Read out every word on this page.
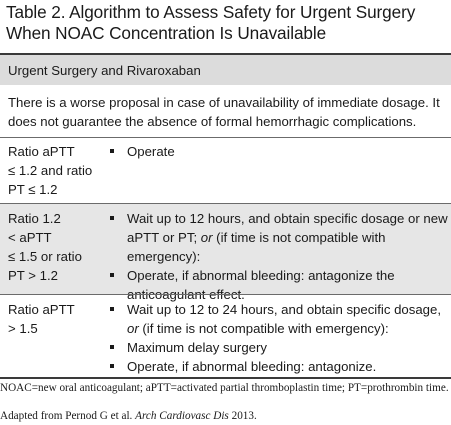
Table 2. Algorithm to Assess Safety for Urgent Surgery When NOAC Concentration Is Unavailable
Urgent Surgery and Rivaroxaban
There is a worse proposal in case of unavailability of immediate dosage. It does not guarantee the absence of formal hemorrhagic complications.
Ratio aPTT
≤ 1.2 and ratio
PT ≤ 1.2
Operate
Ratio 1.2
< aPTT
≤ 1.5 or ratio
PT > 1.2
Wait up to 12 hours, and obtain specific dosage or new aPTT or PT; or (if time is not compatible with emergency):
Operate, if abnormal bleeding: antagonize the anticoagulant effect.
Ratio aPTT
> 1.5
Wait up to 12 to 24 hours, and obtain specific dosage, or (if time is not compatible with emergency):
Maximum delay surgery
Operate, if abnormal bleeding: antagonize.
NOAC=new oral anticoagulant; aPTT=activated partial thromboplastin time; PT=prothrombin time.
Adapted from Pernod G et al. Arch Cardiovasc Dis 2013.
